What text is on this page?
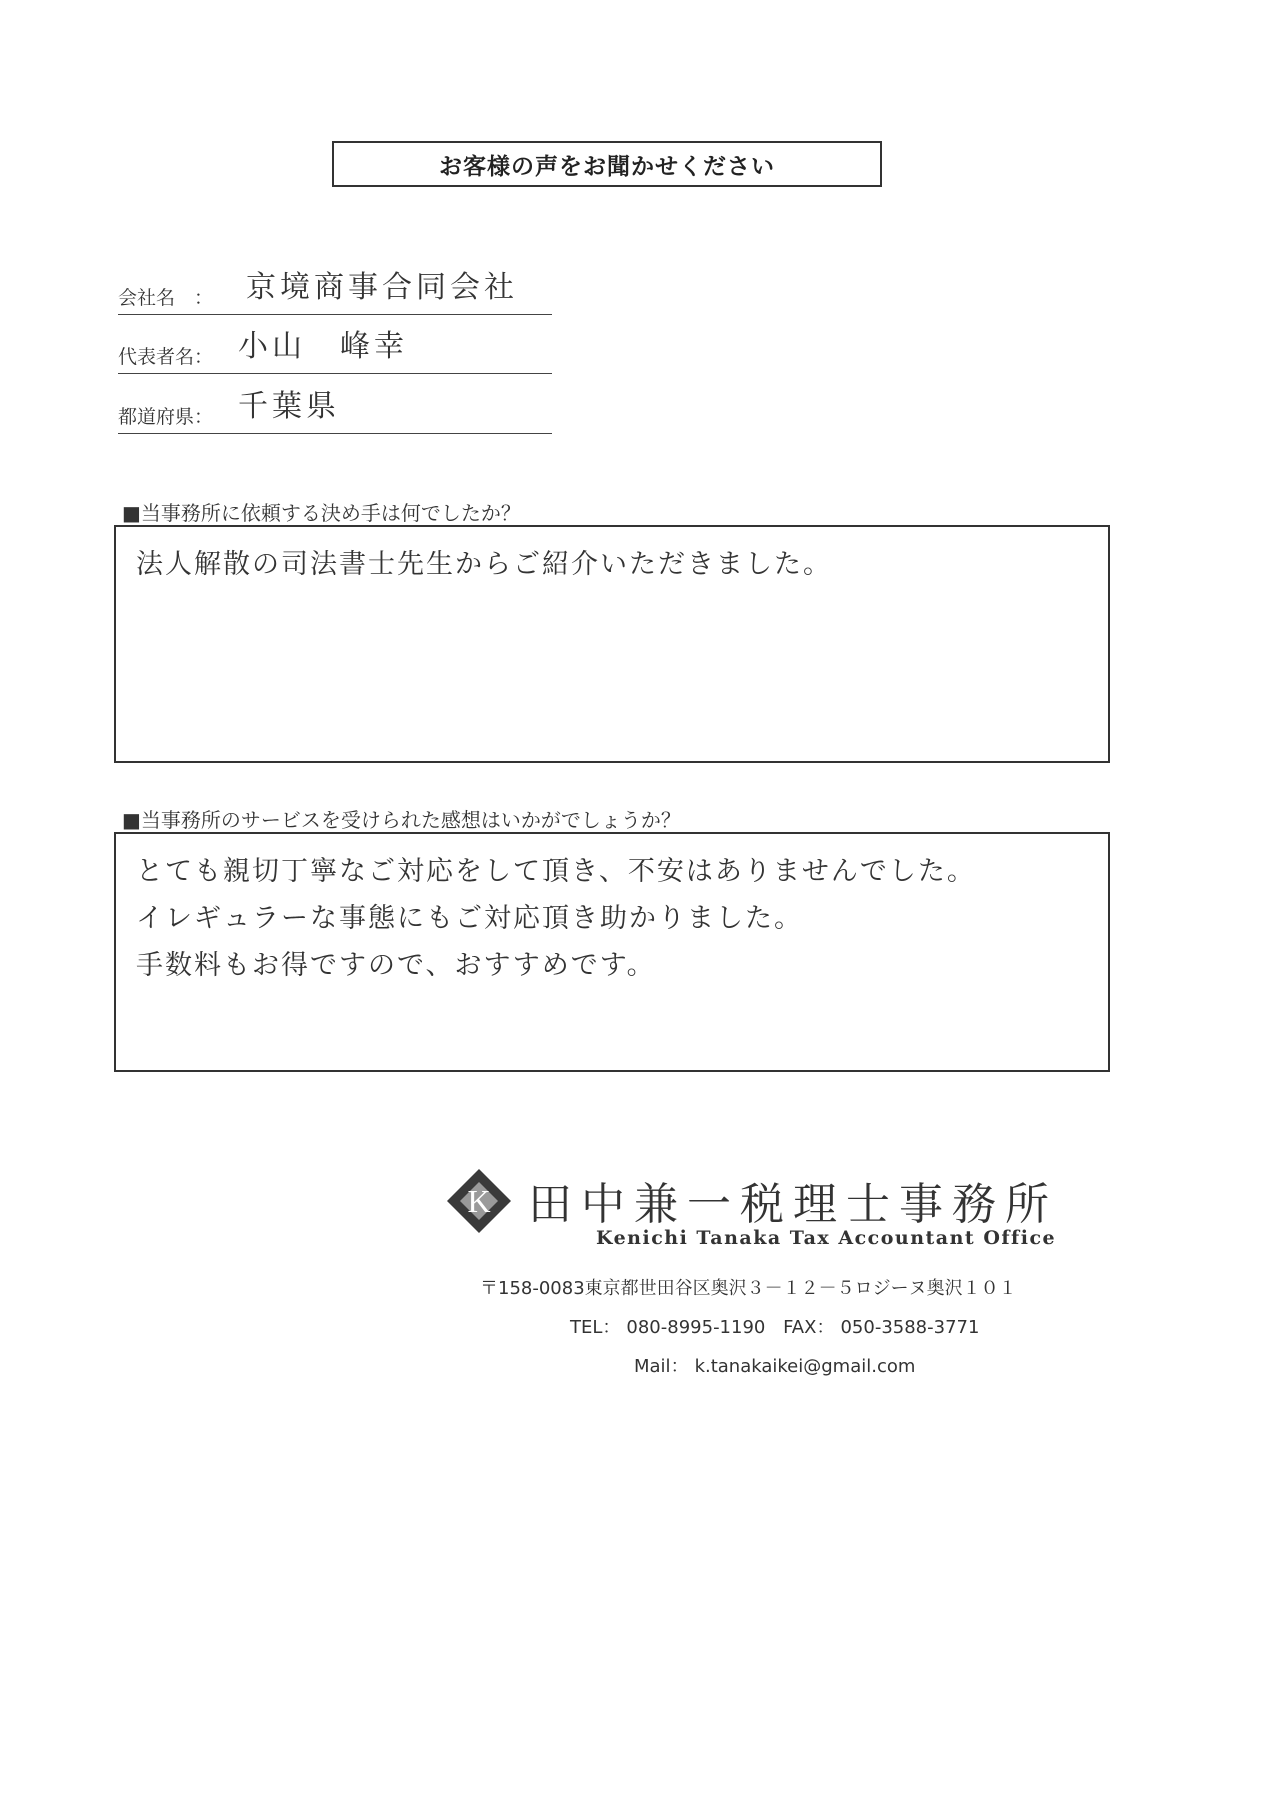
お客様の声をお聞かせください
会社名　： 京境商事合同会社
代表者名： 小山　峰幸
都道府県： 千葉県
■当事務所に依頼する決め手は何でしたか？
法人解散の司法書士先生からご紹介いただきました。
■当事務所のサービスを受けられた感想はいかがでしょうか？
とても親切丁寧なご対応をして頂き、不安はありませんでした。
イレギュラーな事態にもご対応頂き助かりました。
手数料もお得ですので、おすすめです。
K 田中兼一税理士事務所
Kenichi Tanaka Tax Accountant Office
〒158-0083東京都世田谷区奥沢３－１２－５ロジーヌ奥沢１０１
TEL： 080-8995-1190 FAX： 050-3588-3771
Mail： k.tanakaikei@gmail.com
